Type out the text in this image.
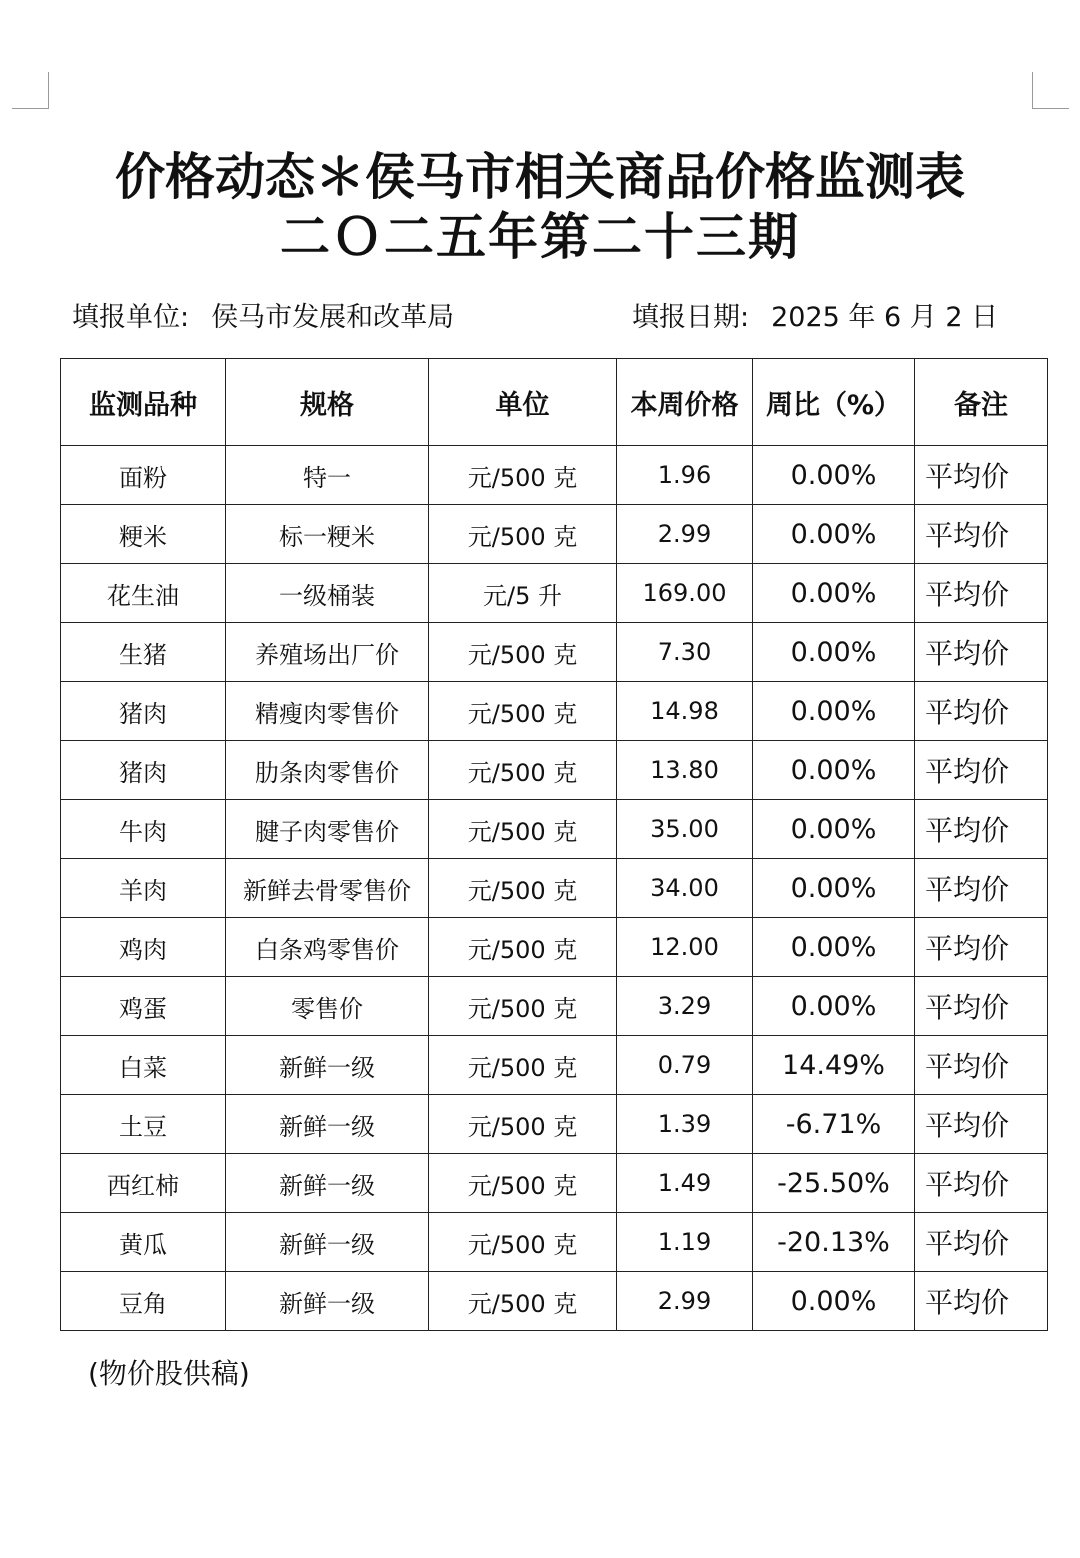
价格动态＊侯马市相关商品价格监测表
二Ｏ二五年第二十三期
填报单位: 侯马市发展和改革局	填报日期: 2025 年 6 月 2 日
监测品种	规格	单位	本周价格	周比（%）	备注
面粉	特一	元/500 克	1.96	0.00%	平均价
粳米	标一粳米	元/500 克	2.99	0.00%	平均价
花生油	一级桶装	元/5 升	169.00	0.00%	平均价
生猪	养殖场出厂价	元/500 克	7.30	0.00%	平均价
猪肉	精瘦肉零售价	元/500 克	14.98	0.00%	平均价
猪肉	肋条肉零售价	元/500 克	13.80	0.00%	平均价
牛肉	腱子肉零售价	元/500 克	35.00	0.00%	平均价
羊肉	新鲜去骨零售价	元/500 克	34.00	0.00%	平均价
鸡肉	白条鸡零售价	元/500 克	12.00	0.00%	平均价
鸡蛋	零售价	元/500 克	3.29	0.00%	平均价
白菜	新鲜一级	元/500 克	0.79	14.49%	平均价
土豆	新鲜一级	元/500 克	1.39	-6.71%	平均价
西红柿	新鲜一级	元/500 克	1.49	-25.50%	平均价
黄瓜	新鲜一级	元/500 克	1.19	-20.13%	平均价
豆角	新鲜一级	元/500 克	2.99	0.00%	平均价
(物价股供稿)
